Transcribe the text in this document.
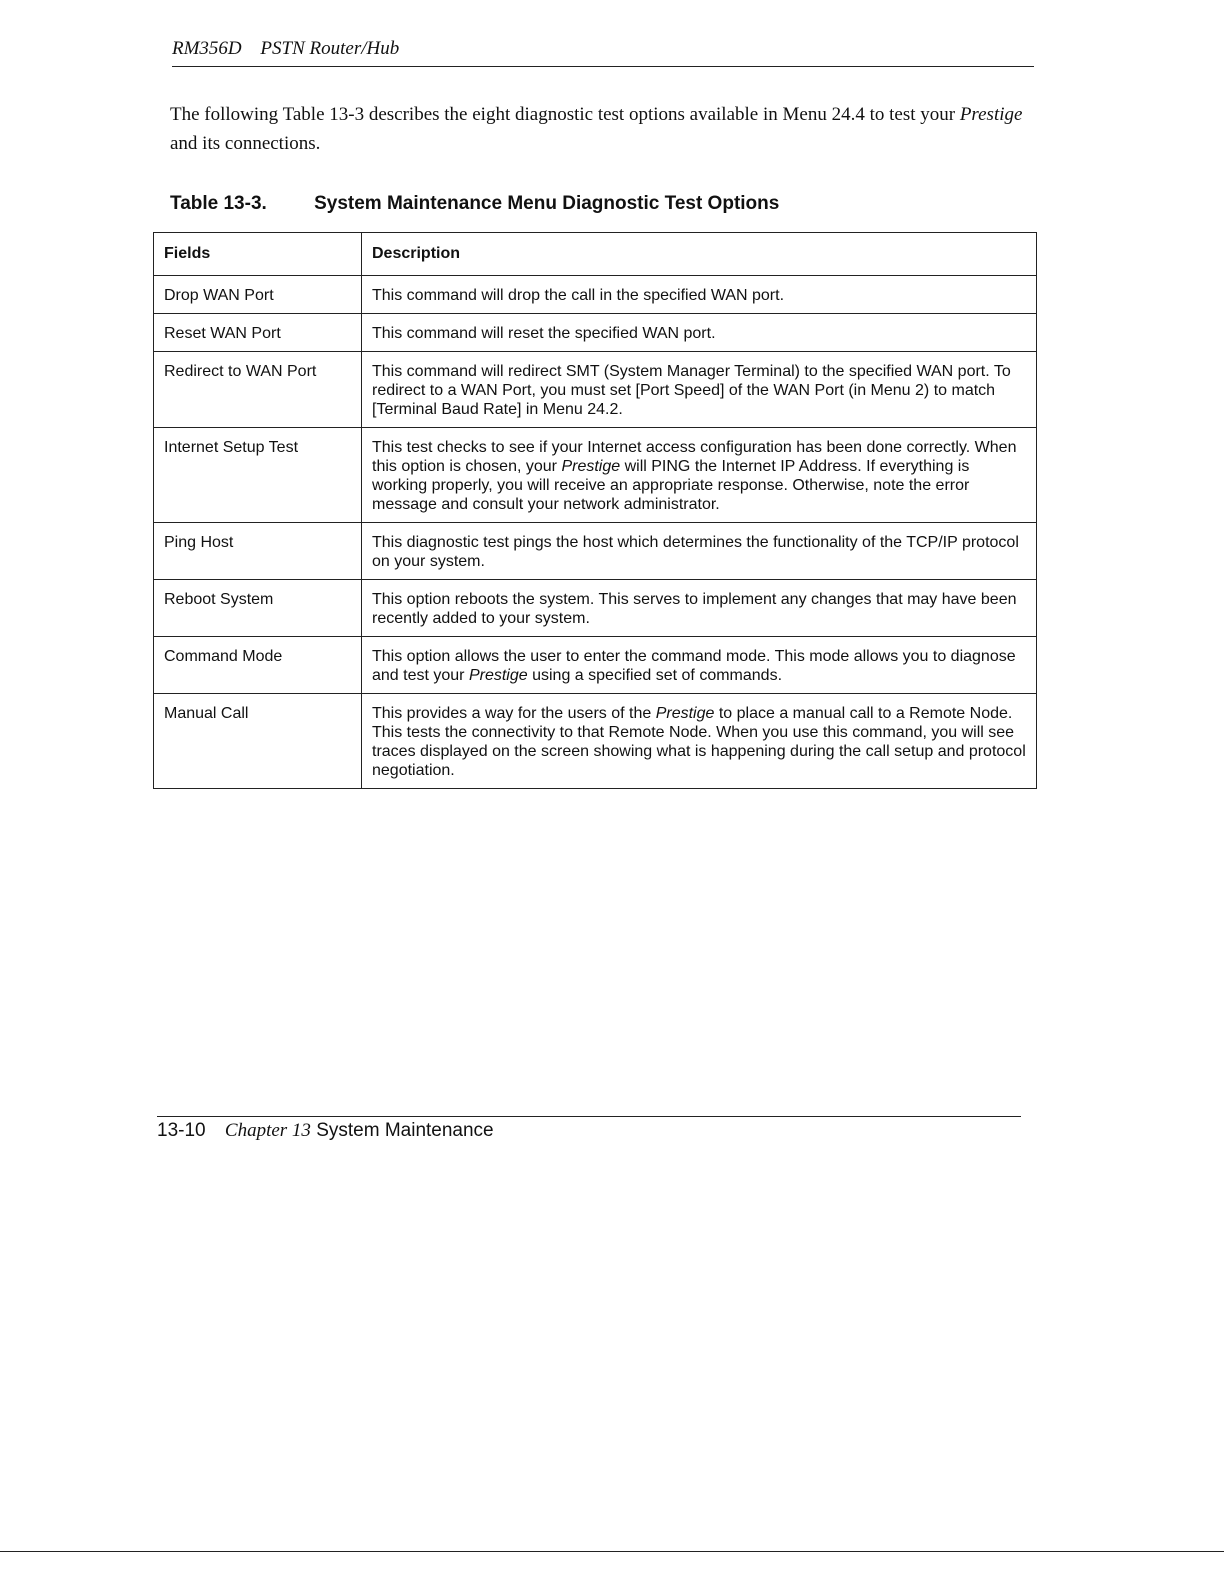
RM356D PSTN Router/Hub

The following Table 13-3 describes the eight diagnostic test options available in Menu 24.4 to test your Prestige and its connections.

Table 13-3. System Maintenance Menu Diagnostic Test Options
Fields	Description
Drop WAN Port	This command will drop the call in the specified WAN port.
Reset WAN Port	This command will reset the specified WAN port.
Redirect to WAN Port	This command will redirect SMT (System Manager Terminal) to the specified WAN port. To redirect to a WAN Port, you must set [Port Speed] of the WAN Port (in Menu 2) to match [Terminal Baud Rate] in Menu 24.2.
Internet Setup Test	This test checks to see if your Internet access configuration has been done correctly. When this option is chosen, your Prestige will PING the Internet IP Address. If everything is working properly, you will receive an appropriate response. Otherwise, note the error message and consult your network administrator.
Ping Host	This diagnostic test pings the host which determines the functionality of the TCP/IP protocol on your system.
Reboot System	This option reboots the system. This serves to implement any changes that may have been recently added to your system.
Command Mode	This option allows the user to enter the command mode. This mode allows you to diagnose and test your Prestige using a specified set of commands.
Manual Call	This provides a way for the users of the Prestige to place a manual call to a Remote Node. This tests the connectivity to that Remote Node. When you use this command, you will see traces displayed on the screen showing what is happening during the call setup and protocol negotiation.
13-10 Chapter 13 System Maintenance
